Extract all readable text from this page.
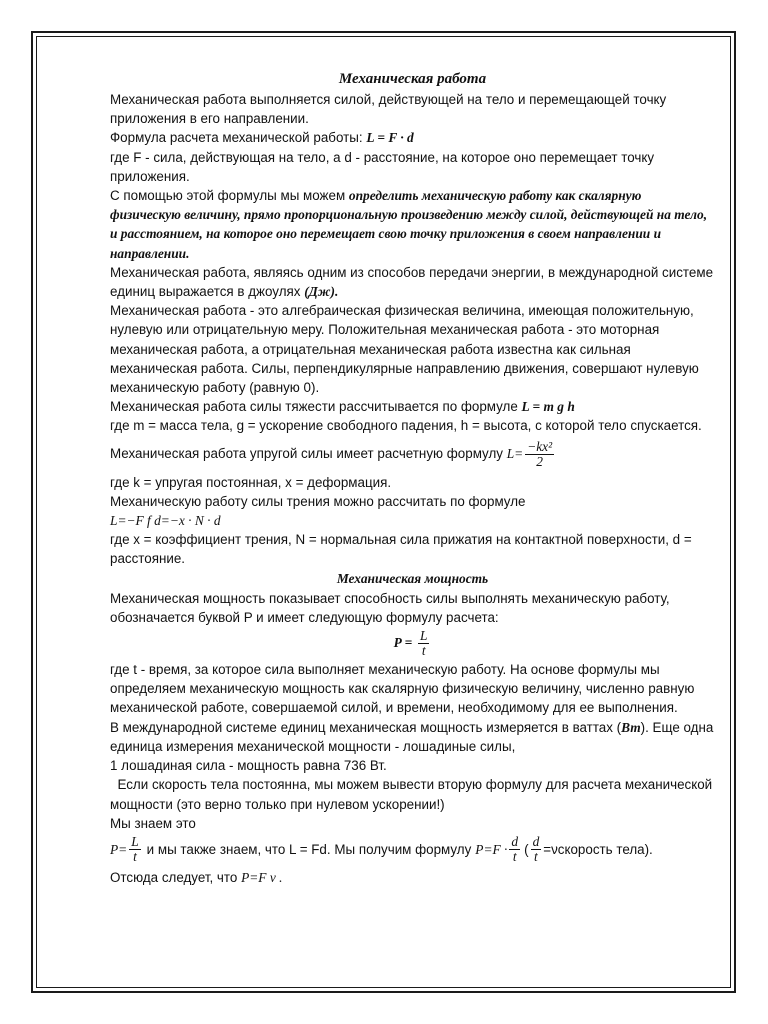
Механическая работа

Механическая работа выполняется силой, действующей на тело и перемещающей точку приложения в его направлении.

Формула расчета механической работы: L = F · d

где F - сила, действующая на тело, а d - расстояние, на которое оно перемещает точку приложения.

С помощью этой формулы мы можем определить механическую работу как скалярную физическую величину, прямо пропорциональную произведению между силой, действующей на тело, и расстоянием, на которое оно перемещает свою точку приложения в своем направлении и направлении.

Механическая работа, являясь одним из способов передачи энергии, в международной системе единиц выражается в джоулях (Дж).

Механическая работа - это алгебраическая физическая величина, имеющая положительную, нулевую или отрицательную меру. Положительная механическая работа - это моторная механическая работа, а отрицательная механическая работа известна как сильная механическая работа. Силы, перпендикулярные направлению движения, совершают нулевую механическую работу (равную 0).

Механическая работа силы тяжести рассчитывается по формуле L = m g h

где m = масса тела, g = ускорение свободного падения, h = высота, с которой тело спускается.

Механическая работа упругой силы имеет расчетную формулу $L= \frac{\text{−kx²}}{2}$

где k = упругая постоянная, x = деформация.

Механическую работу силы трения можно рассчитать по формуле

L=−F f d=−x · N · d

где x = коэффициент трения, N = нормальная сила прижатия на контактной поверхности, d = расстояние.

Механическая мощность

Механическая мощность показывает способность силы выполнять механическую работу, обозначается буквой P и имеет следующую формулу расчета:

$P = \frac{L}{t}$

где t - время, за которое сила выполняет механическую работу. На основе формулы мы определяем механическую мощность как скалярную физическую величину, численно равную механической работе, совершаемой силой, и времени, необходимому для ее выполнения.

В международной системе единиц механическая мощность измеряется в ваттах (Вт). Еще одна единица измерения механической мощности - лошадиные силы,

1 лошадиная сила - мощность равна 736 Вт.

Если скорость тела постоянна, мы можем вывести вторую формулу для расчета механической мощности (это верно только при нулевом ускорении!)

Мы знаем это

$P= \frac{L}{t}$ и мы также знаем, что L = Fd. Мы получим формулу $P=F \cdot \frac{d}{t}$ ( $\frac{d}{t}$ =νскорость тела).

Отсюда следует, что P=F ν .
